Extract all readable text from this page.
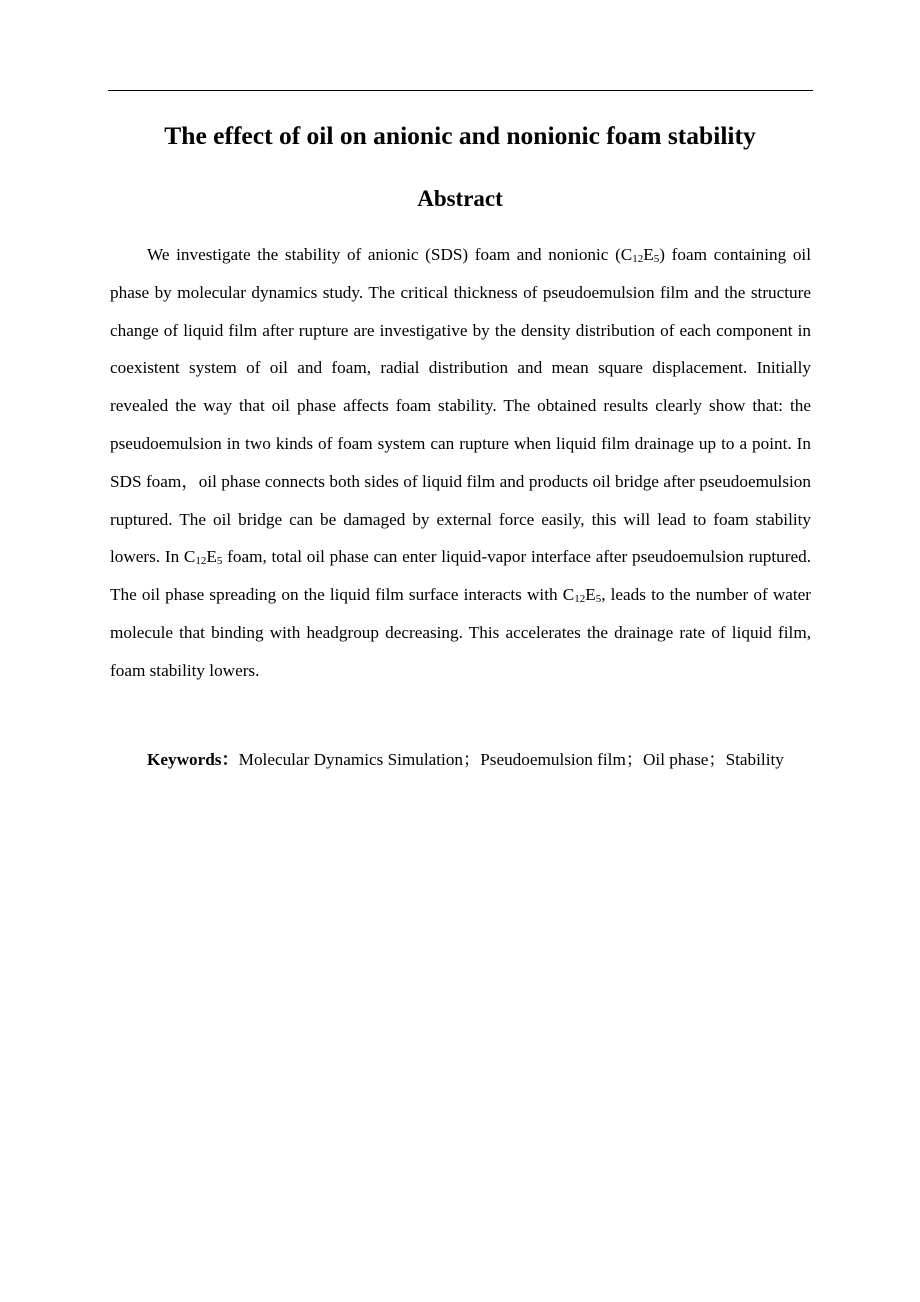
The effect of oil on anionic and nonionic foam stability
Abstract

We investigate the stability of anionic (SDS) foam and nonionic $(C_{12}E_5)$ foam containing oil phase by molecular dynamics study. The critical thickness of pseudoemulsion film and the structure change of liquid film after rupture are investigative by the density distribution of each component in coexistent system of oil and foam, radial distribution and mean square displacement. Initially revealed the way that oil phase affects foam stability. The obtained results clearly show that: the pseudoemulsion in two kinds of foam system can rupture when liquid film drainage up to a point. In SDS foam，oil phase connects both sides of liquid film and products oil bridge after pseudoemulsion ruptured. The oil bridge can be damaged by external force easily, this will lead to foam stability lowers. In $C_{12}E_5$ foam, total oil phase can enter liquid-vapor interface after pseudoemulsion ruptured. The oil phase spreading on the liquid film surface interacts with $C_{12}E_5$, leads to the number of water molecule that binding with headgroup decreasing. This accelerates the drainage rate of liquid film, foam stability lowers.

Keywords：Molecular Dynamics Simulation；Pseudoemulsion film；Oil phase；Stability
